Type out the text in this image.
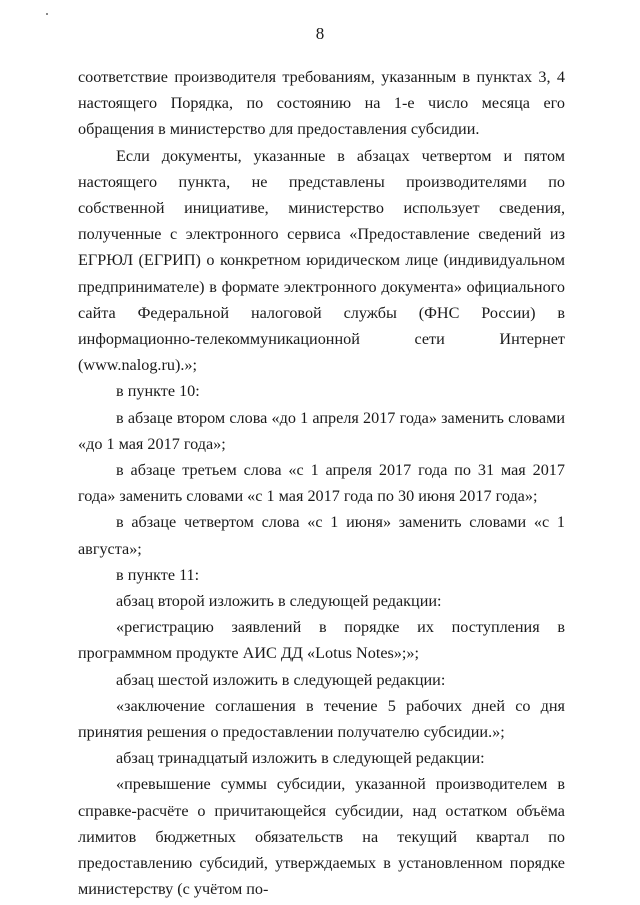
8

соответствие производителя требованиям, указанным в пунктах 3, 4 настоящего Порядка, по состоянию на 1-е число месяца его обращения в министерство для предоставления субсидии.

Если документы, указанные в абзацах четвертом и пятом настоящего пункта, не представлены производителями по собственной инициативе, министерство использует сведения, полученные с электронного сервиса «Предоставление сведений из ЕГРЮЛ (ЕГРИП) о конкретном юридическом лице (индивидуальном предпринимателе) в формате электронного документа» официального сайта Федеральной налоговой службы (ФНС России) в информационно-телекоммуникационной сети Интернет (www.nalog.ru).»;

в пункте 10:

в абзаце втором слова «до 1 апреля 2017 года» заменить словами «до 1 мая 2017 года»;

в абзаце третьем слова «с 1 апреля 2017 года по 31 мая 2017 года» заменить словами «с 1 мая 2017 года по 30 июня 2017 года»;

в абзаце четвертом слова «с 1 июня» заменить словами «с 1 августа»;

в пункте 11:

абзац второй изложить в следующей редакции:

«регистрацию заявлений в порядке их поступления в программном продукте АИС ДД «Lotus Notes»;»;

абзац шестой изложить в следующей редакции:

«заключение соглашения в течение 5 рабочих дней со дня принятия решения о предоставлении получателю субсидии.»;

абзац тринадцатый изложить в следующей редакции:

«превышение суммы субсидии, указанной производителем в справке-расчёте о причитающейся субсидии, над остатком объёма лимитов бюджетных обязательств на текущий квартал по предоставлению субсидий, утверждаемых в установленном порядке министерству (с учётом по-
